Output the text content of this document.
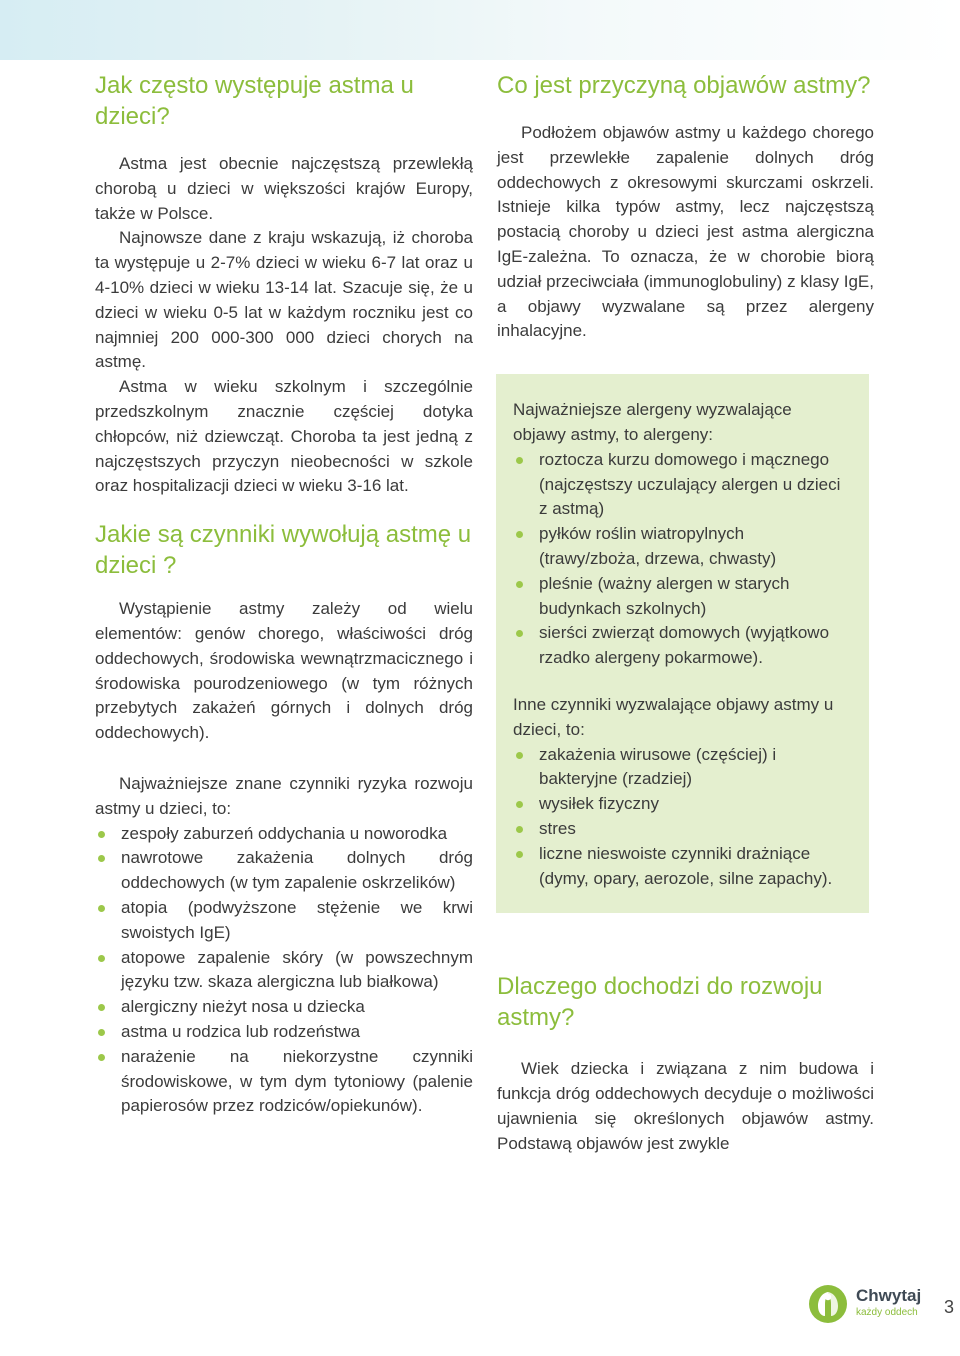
Jak często występuje astma u dzieci?

Astma jest obecnie najczęstszą przewlekłą chorobą u dzieci w większości krajów Europy, także w Polsce.

Najnowsze dane z kraju wskazują, iż choroba ta występuje u 2-7% dzieci w wieku 6-7 lat oraz u 4-10% dzieci w wieku 13-14 lat. Szacuje się, że u dzieci w wieku 0-5 lat w każdym roczniku jest co najmniej 200 000-300 000 dzieci chorych na astmę.

Astma w wieku szkolnym i szczególnie przedszkolnym znacznie częściej dotyka chłopców, niż dziewcząt. Choroba ta jest jedną z najczęstszych przyczyn nieobecności w szkole oraz hospitalizacji dzieci w wieku 3-16 lat.

Jakie są czynniki wywołują astmę u dzieci ?

Wystąpienie astmy zależy od wielu elementów: genów chorego, właściwości dróg oddechowych, środowiska wewnątrzmacicznego i środowiska pourodzeniowego (w tym różnych przebytych zakażeń górnych i dolnych dróg oddechowych).

Najważniejsze znane czynniki ryzyka rozwoju astmy u dzieci, to:

zespoły zaburzeń oddychania u noworodka
nawrotowe zakażenia dolnych dróg oddechowych (w tym zapalenie oskrzelików)
atopia (podwyższone stężenie we krwi swoistych IgE)
atopowe zapalenie skóry (w powszechnym języku tzw. skaza alergiczna lub białkowa)
alergiczny nieżyt nosa u dziecka
astma u rodzica lub rodzeństwa
narażenie na niekorzystne czynniki środowiskowe, w tym dym tytoniowy (palenie papierosów przez rodziców/opiekunów).
Co jest przyczyną objawów astmy?

Podłożem objawów astmy u każdego chorego jest przewlekłe zapalenie dolnych dróg oddechowych z okresowymi skurczami oskrzeli. Istnieje kilka typów astmy, lecz najczęstszą postacią choroby u dzieci jest astma alergiczna IgE-zależna. To oznacza, że w chorobie biorą udział przeciwciała (immunoglobuliny) z klasy IgE, a objawy wyzwalane są przez alergeny inhalacyjne.

Najważniejsze alergeny wyzwalające objawy astmy, to alergeny:

roztocza kurzu domowego i mącznego (najczęstszy uczulający alergen u dzieci z astmą)
pyłków roślin wiatropylnych (trawy/zboża, drzewa, chwasty)
pleśnie (ważny alergen w starych budynkach szkolnych)
sierści zwierząt domowych (wyjątkowo rzadko alergeny pokarmowe).

Inne czynniki wyzwalające objawy astmy u dzieci, to:

zakażenia wirusowe (częściej) i bakteryjne (rzadziej)
wysiłek fizyczny
stres
liczne nieswoiste czynniki drażniące (dymy, opary, aerozole, silne zapachy).
Dlaczego dochodzi do rozwoju astmy?

Wiek dziecka i związana z nim budowa i funkcja dróg oddechowych decyduje o możliwości ujawnienia się określonych objawów astmy. Podstawą objawów jest zwykle

Chwytaj
każdy oddech 3
